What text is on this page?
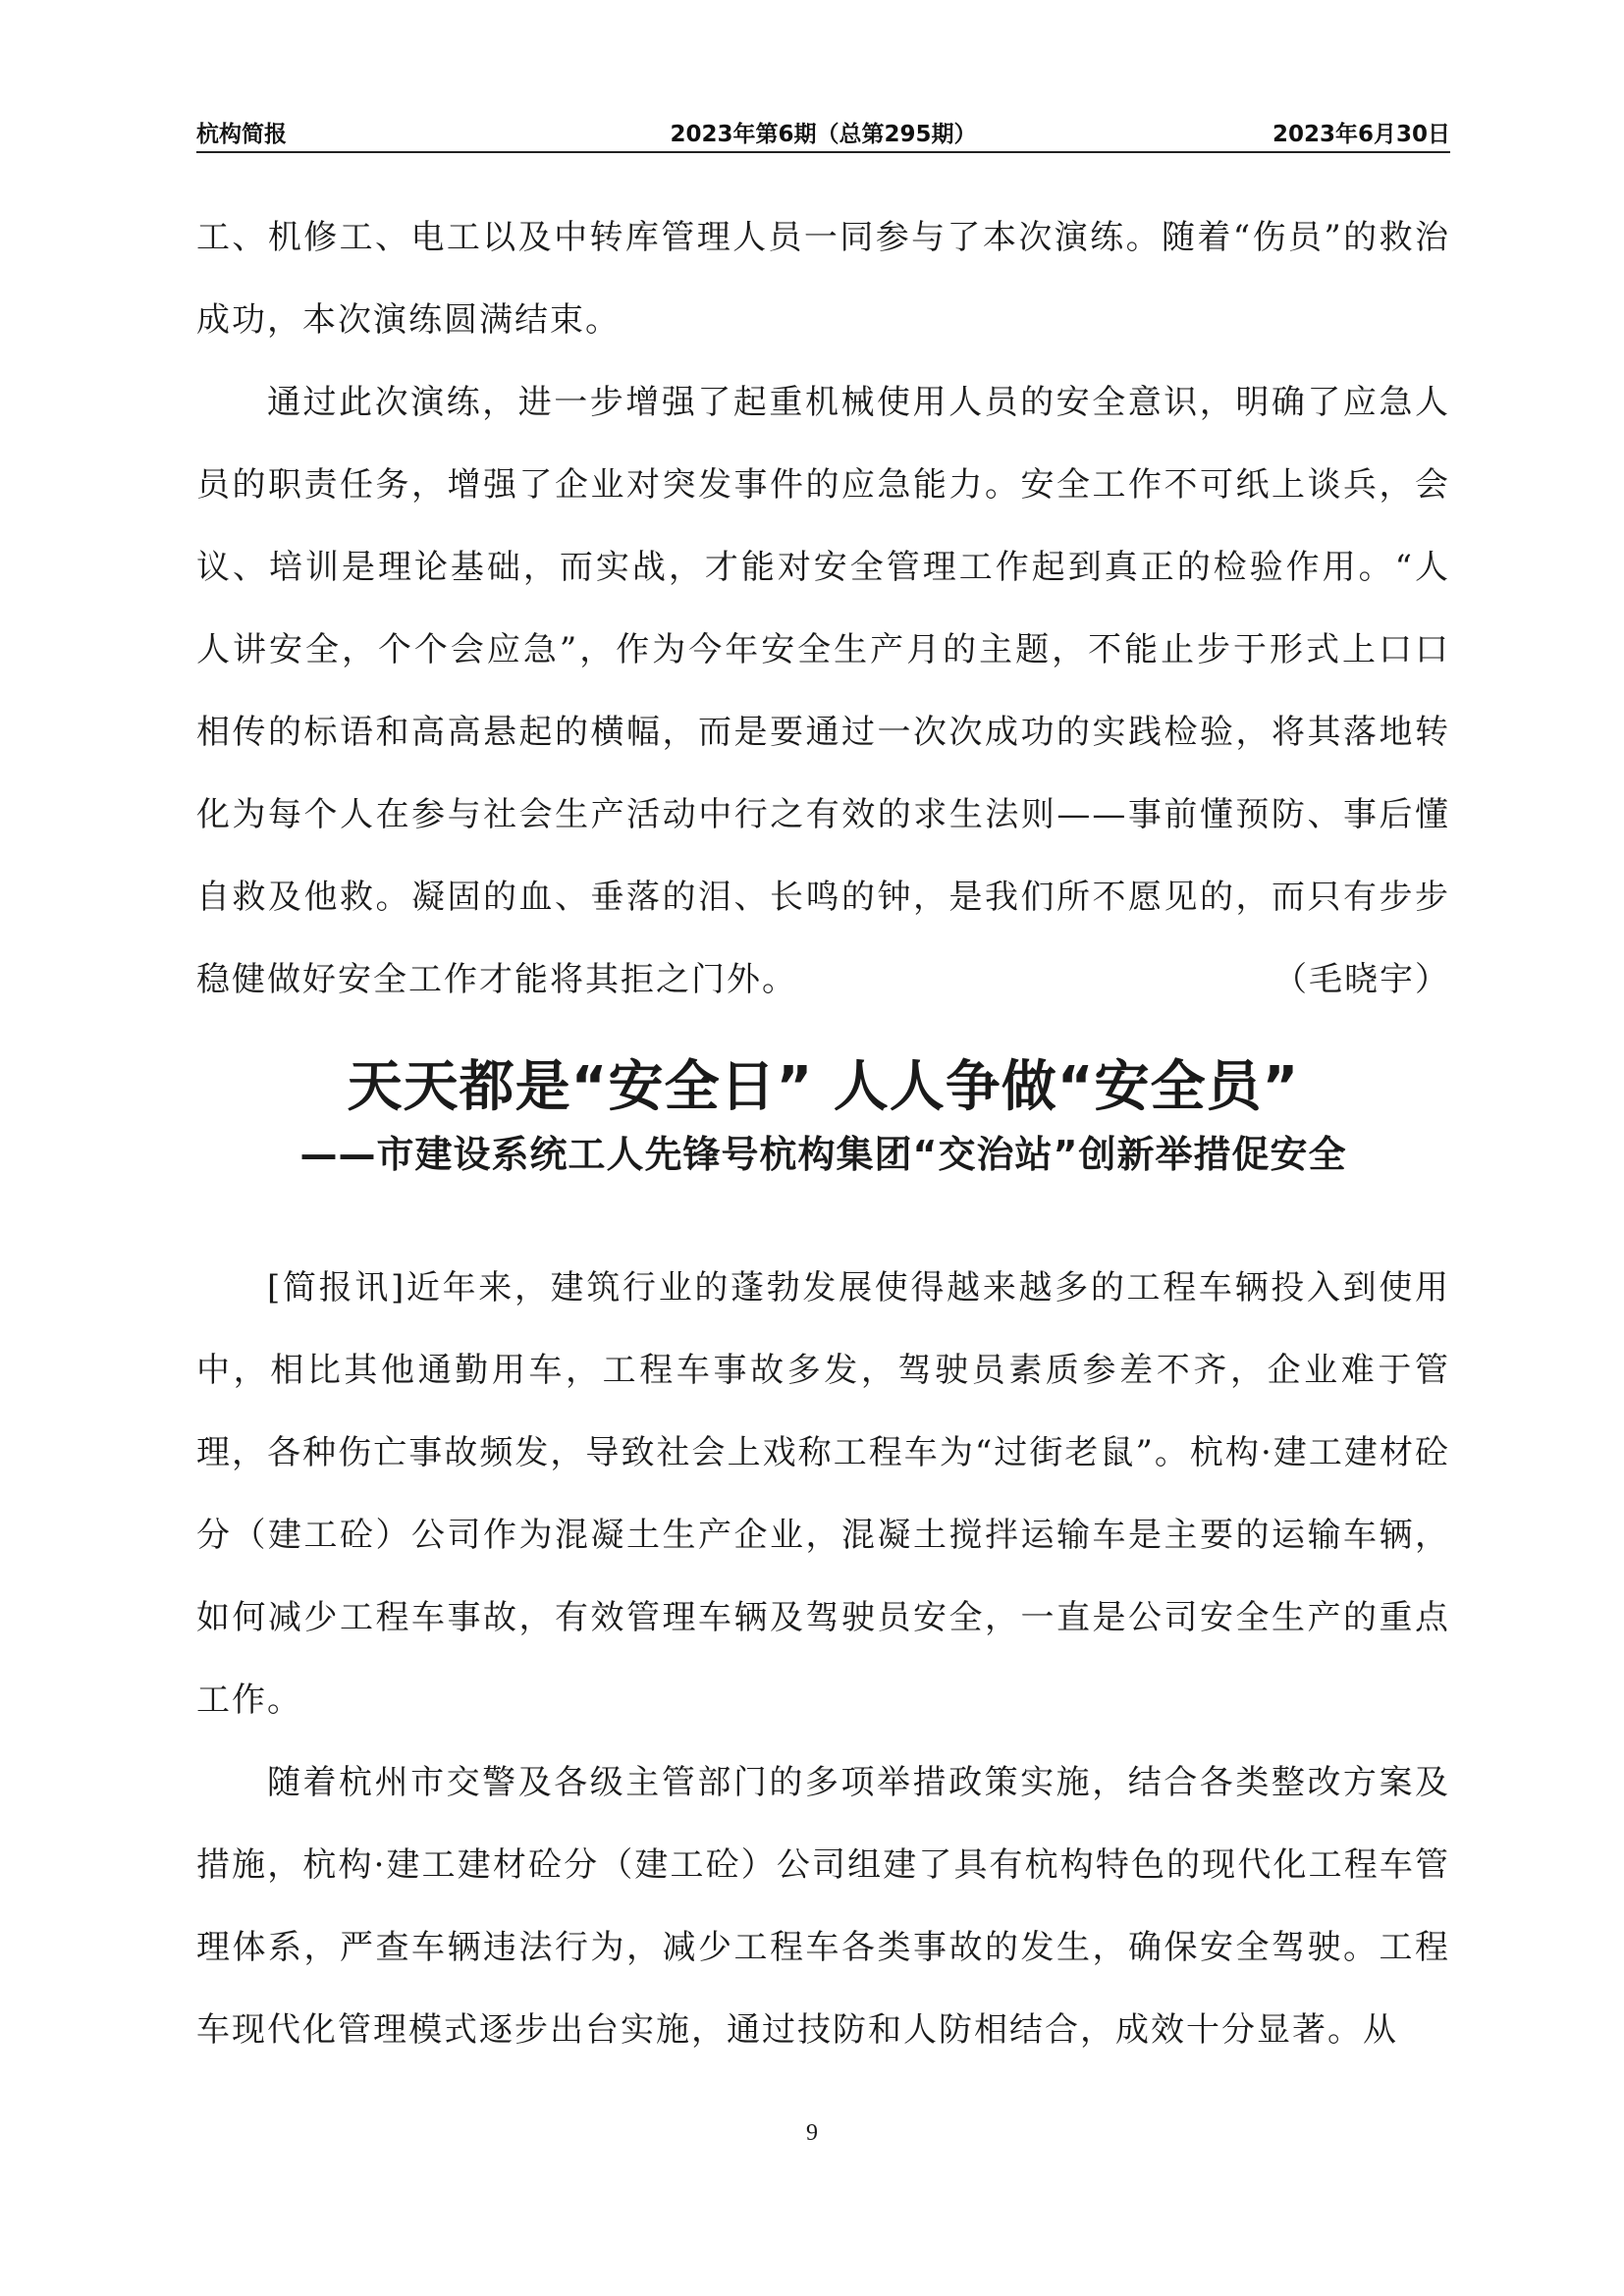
杭构简报	2023年第6期（总第295期）	2023年6月30日

工、机修工、电工以及中转库管理人员一同参与了本次演练。随着“伤员”的救治成功，本次演练圆满结束。

通过此次演练，进一步增强了起重机械使用人员的安全意识，明确了应急人员的职责任务，增强了企业对突发事件的应急能力。安全工作不可纸上谈兵，会议、培训是理论基础，而实战，才能对安全管理工作起到真正的检验作用。“人人讲安全，个个会应急”，作为今年安全生产月的主题，不能止步于形式上口口相传的标语和高高悬起的横幅，而是要通过一次次成功的实践检验，将其落地转化为每个人在参与社会生产活动中行之有效的求生法则——事前懂预防、事后懂自救及他救。凝固的血、垂落的泪、长鸣的钟，是我们所不愿见的，而只有步步稳健做好安全工作才能将其拒之门外。	（毛晓宇）

天天都是“安全日” 人人争做“安全员”

——市建设系统工人先锋号杭构集团“交治站”创新举措促安全

[简报讯]近年来，建筑行业的蓬勃发展使得越来越多的工程车辆投入到使用中，相比其他通勤用车，工程车事故多发，驾驶员素质参差不齐，企业难于管理，各种伤亡事故频发，导致社会上戏称工程车为“过街老鼠”。杭构·建工建材砼分（建工砼）公司作为混凝土生产企业，混凝土搅拌运输车是主要的运输车辆，如何减少工程车事故，有效管理车辆及驾驶员安全，一直是公司安全生产的重点工作。

随着杭州市交警及各级主管部门的多项举措政策实施，结合各类整改方案及措施，杭构·建工建材砼分（建工砼）公司组建了具有杭构特色的现代化工程车管理体系，严查车辆违法行为，减少工程车各类事故的发生，确保安全驾驶。工程车现代化管理模式逐步出台实施，通过技防和人防相结合，成效十分显著。从

9
